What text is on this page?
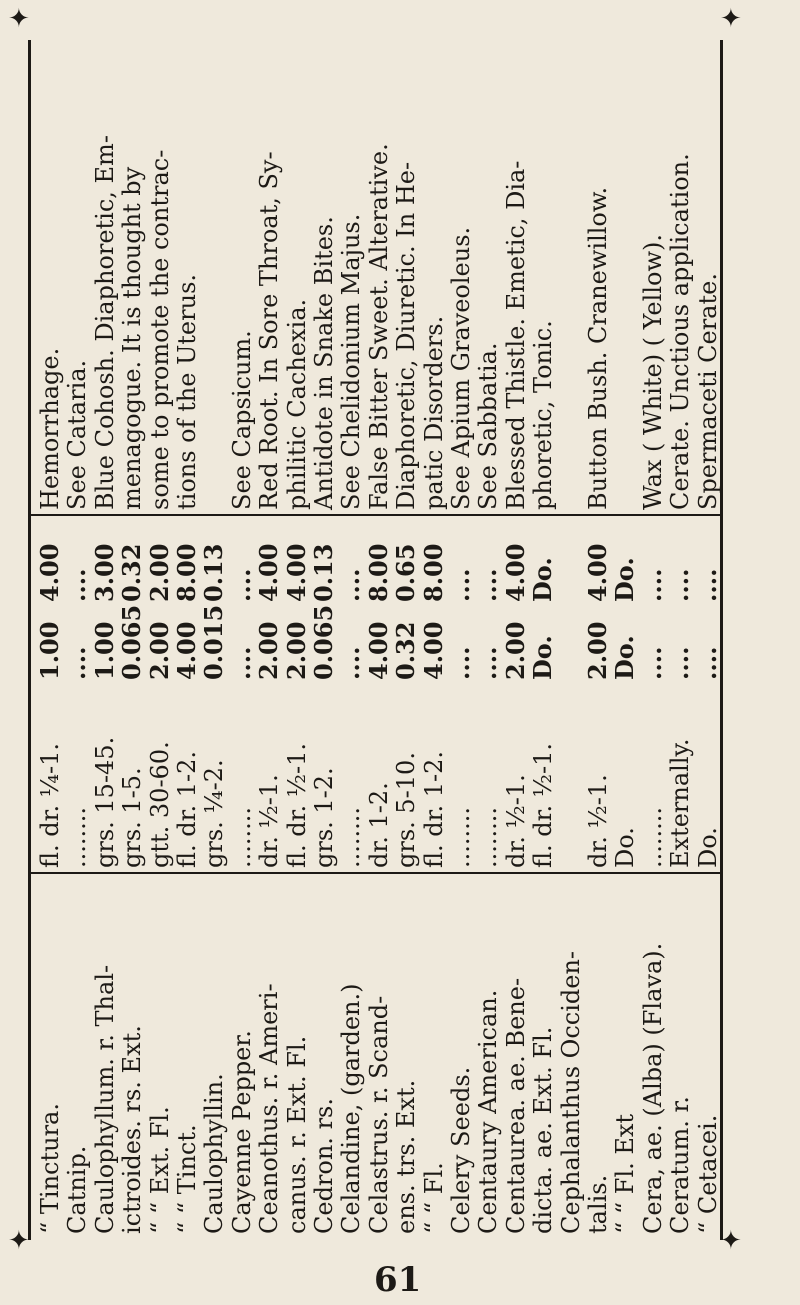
“ Tinctura.
fl. dr. ¼-1.
1.00
4.00
Hemorrhage.
Catnip.
........
....
....
See Cataria.
Caulophyllum. r. Thal-
grs. 15-45.
1.00
3.00
Blue Cohosh. Diaphoretic, Em-
ictroides. rs. Ext.
grs. 1-5.
0.065
0.32
menagogue. It is thought by
“ “ Ext. Fl.
gtt. 30-60.
2.00
2.00
some to promote the contrac-
“ “ Tinct.
fl. dr. 1-2.
4.00
8.00
tions of the Uterus.
Caulophyllin.
grs. ¼-2.
0.015
0.13
Cayenne Pepper.
........
....
....
See Capsicum.
Ceanothus. r. Ameri-
dr. ½-1.
2.00
4.00
Red Root. In Sore Throat, Sy-
canus. r. Ext. Fl.
fl. dr. ½-1.
2.00
4.00
philitic Cachexia.
Cedron. rs.
grs. 1-2.
0.065
0.13
Antidote in Snake Bites.
Celandine, (garden.)
........
....
....
See Chelidonium Majus.
Celastrus. r. Scand-
dr. 1-2.
4.00
8.00
False Bitter Sweet. Alterative.
ens. trs. Ext.
grs. 5-10.
0.32
0.65
Diaphoretic, Diuretic. In He-
“ “ Fl.
fl. dr. 1-2.
4.00
8.00
patic Disorders.
Celery Seeds.
........
....
....
See Apium Graveoleus.
Centaury American.
........
....
....
See Sabbatia.
Centaurea. ae. Bene-
dr. ½-1.
2.00
4.00
Blessed Thistle. Emetic, Dia-
dicta. ae. Ext. Fl.
fl. dr. ½-1.
Do.
Do.
phoretic, Tonic.
Cephalanthus Occiden- talis.
dr. ½-1.
2.00
4.00
Button Bush. Cranewillow.
“ “ Fl. Ext
Do.
Do.
Do.
Cera, ae. (Alba) (Flava).
........
....
....
Wax ( White) ( Yellow).
Ceratum. r.
Externally.
....
....
Cerate. Unctious application.
“ Cetacei.
Do.
....
....
Spermaceti Cerate.
✦	✦
✦	✦
61
